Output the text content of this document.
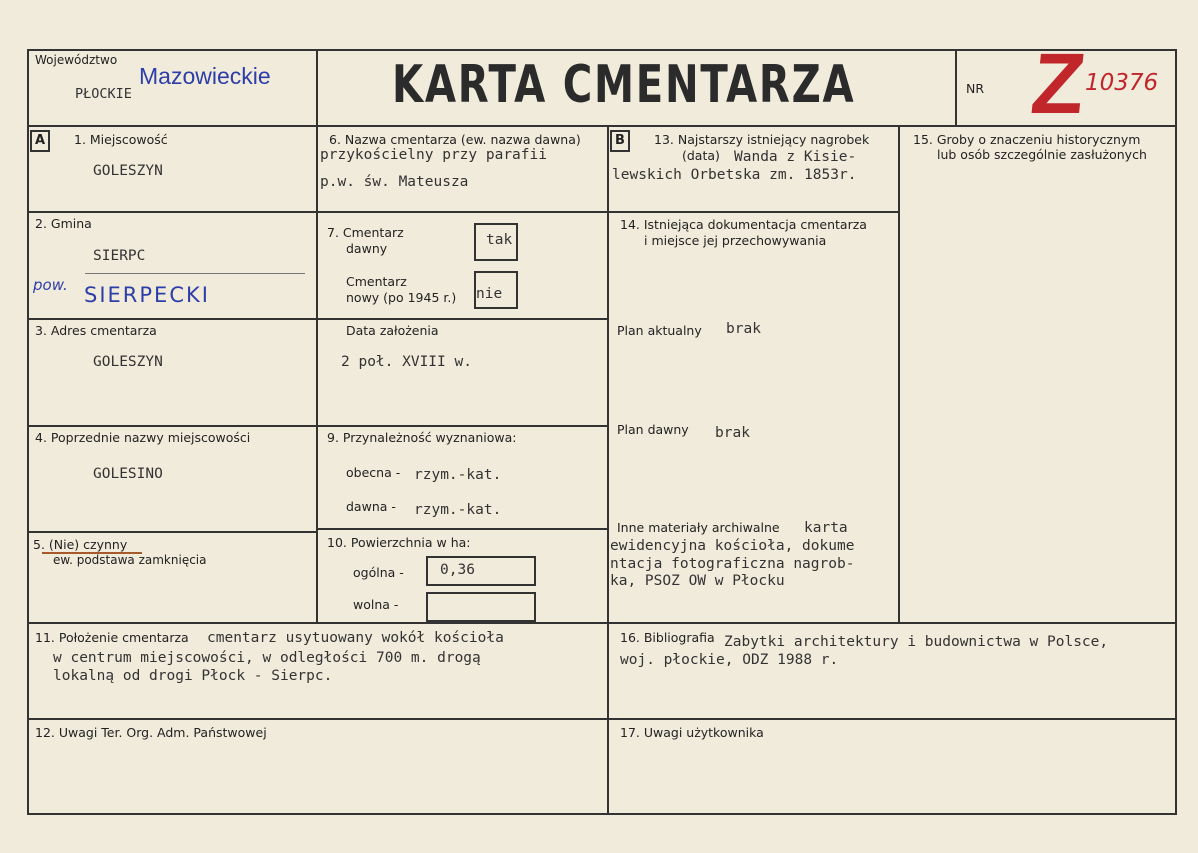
Województwo
Mazowieckie
PŁOCKIE	KARTA CMENTARZA	NR Z
10376
A	1. Miejscowość
GOLESZYN
2. Gmina
SIERPC
pow. SIERPECKI
3. Adres cmentarza
GOLESZYN
4. Poprzednie nazwy miejscowości
GOLESINO
5. (Nie) czynny
ew. podstawa zamknięcia
6. Nazwa cmentarza (ew. nazwa dawna)
przykościelny przy parafii
p.w. św. Mateusza
7. Cmentarz
dawny
tak
Cmentarz
nowy (po 1945 r.) nie
Data założenia
2 poł. XVIII w.
9. Przynależność wyznaniowa:
obecna - rzym.-kat.
dawna - rzym.-kat.
10. Powierzchnia w ha:
ogólna - 0,36
wolna -
B	13. Najstarszy istniejący nagrobek
(data) Wanda z Kisie-
lewskich Orbetska zm. 1853r.
14. Istniejąca dokumentacja cmentarza
i miejsce jej przechowywania
Plan aktualny brak
Plan dawny brak
Inne materiały archiwalne karta
ewidencyjna kościoła, dokume
ntacja fotograficzna nagrob-
ka, PSOZ OW w Płocku
15. Groby o znaczeniu historycznym
lub osób szczególnie zasłużonych
11. Położenie cmentarza cmentarz usytuowany wokół kościoła
w centrum miejscowości, w odległości 700 m. drogą
lokalną od drogi Płock - Sierpc.
16. Bibliografia Zabytki architektury i budownictwa w Polsce,
woj. płockie, ODZ 1988 r.
12. Uwagi Ter. Org. Adm. Państwowej	17. Uwagi użytkownika
